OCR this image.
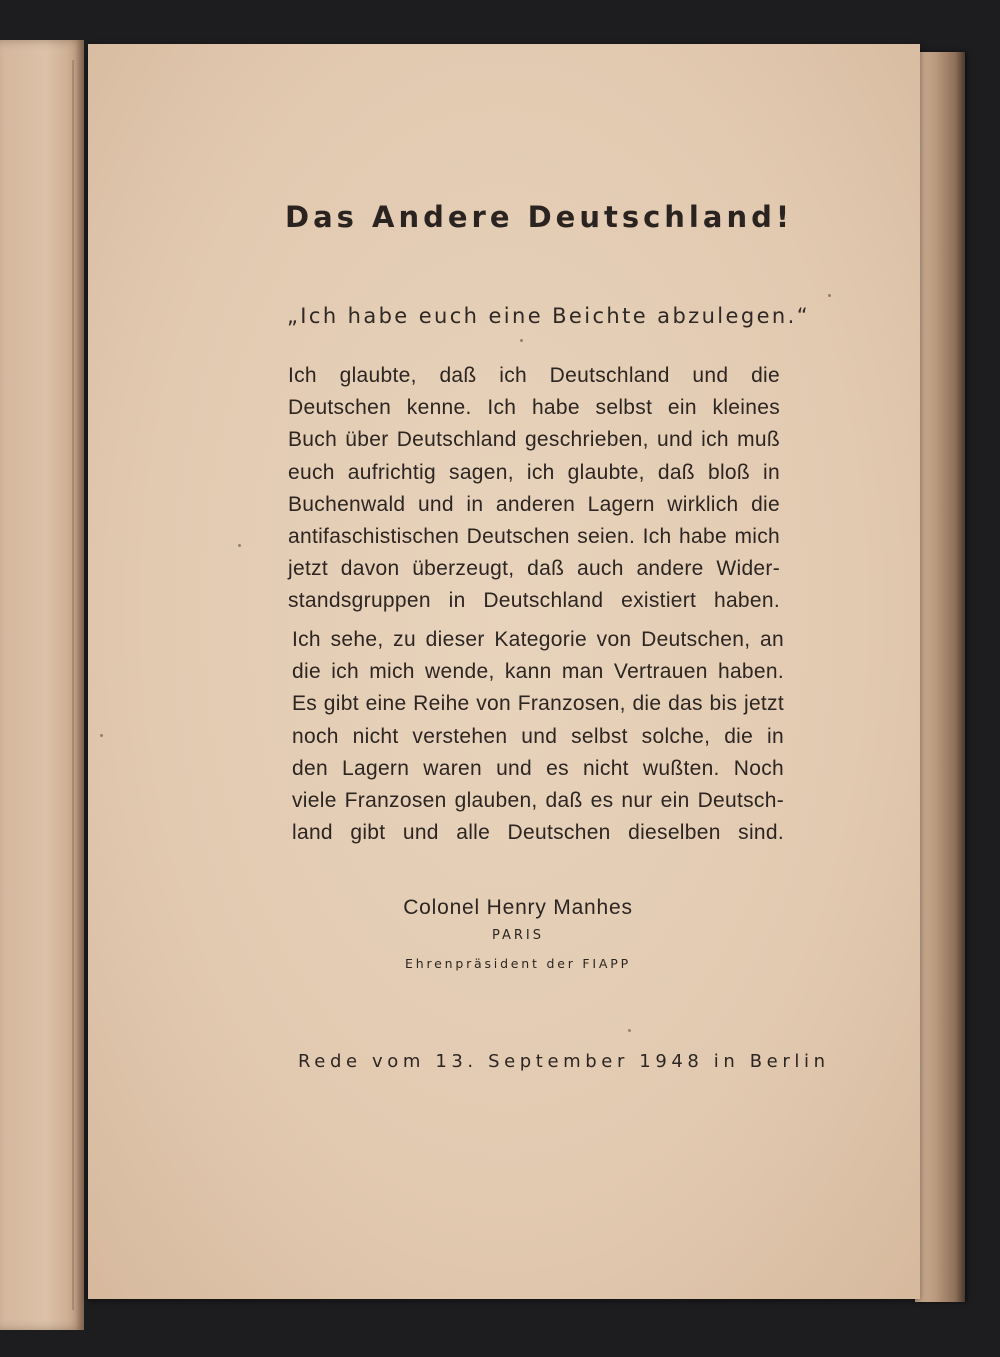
Das Andere Deutschland!
„Ich habe euch eine Beichte abzulegen.“
Ich glaubte, daß ich Deutschland und die
Deutschen kenne. Ich habe selbst ein kleines
Buch über Deutschland geschrieben, und ich muß
euch aufrichtig sagen, ich glaubte, daß bloß in
Buchenwald und in anderen Lagern wirklich die
antifaschistischen Deutschen seien. Ich habe mich
jetzt davon überzeugt, daß auch andere Wider-
standsgruppen in Deutschland existiert haben.
Ich sehe, zu dieser Kategorie von Deutschen, an
die ich mich wende, kann man Vertrauen haben.
Es gibt eine Reihe von Franzosen, die das bis jetzt
noch nicht verstehen und selbst solche, die in
den Lagern waren und es nicht wußten. Noch
viele Franzosen glauben, daß es nur ein Deutsch-
land gibt und alle Deutschen dieselben sind.
Colonel Henry Manhes
PARIS
Ehrenpräsident der FIAPP
Rede vom 13. September 1948 in Berlin
